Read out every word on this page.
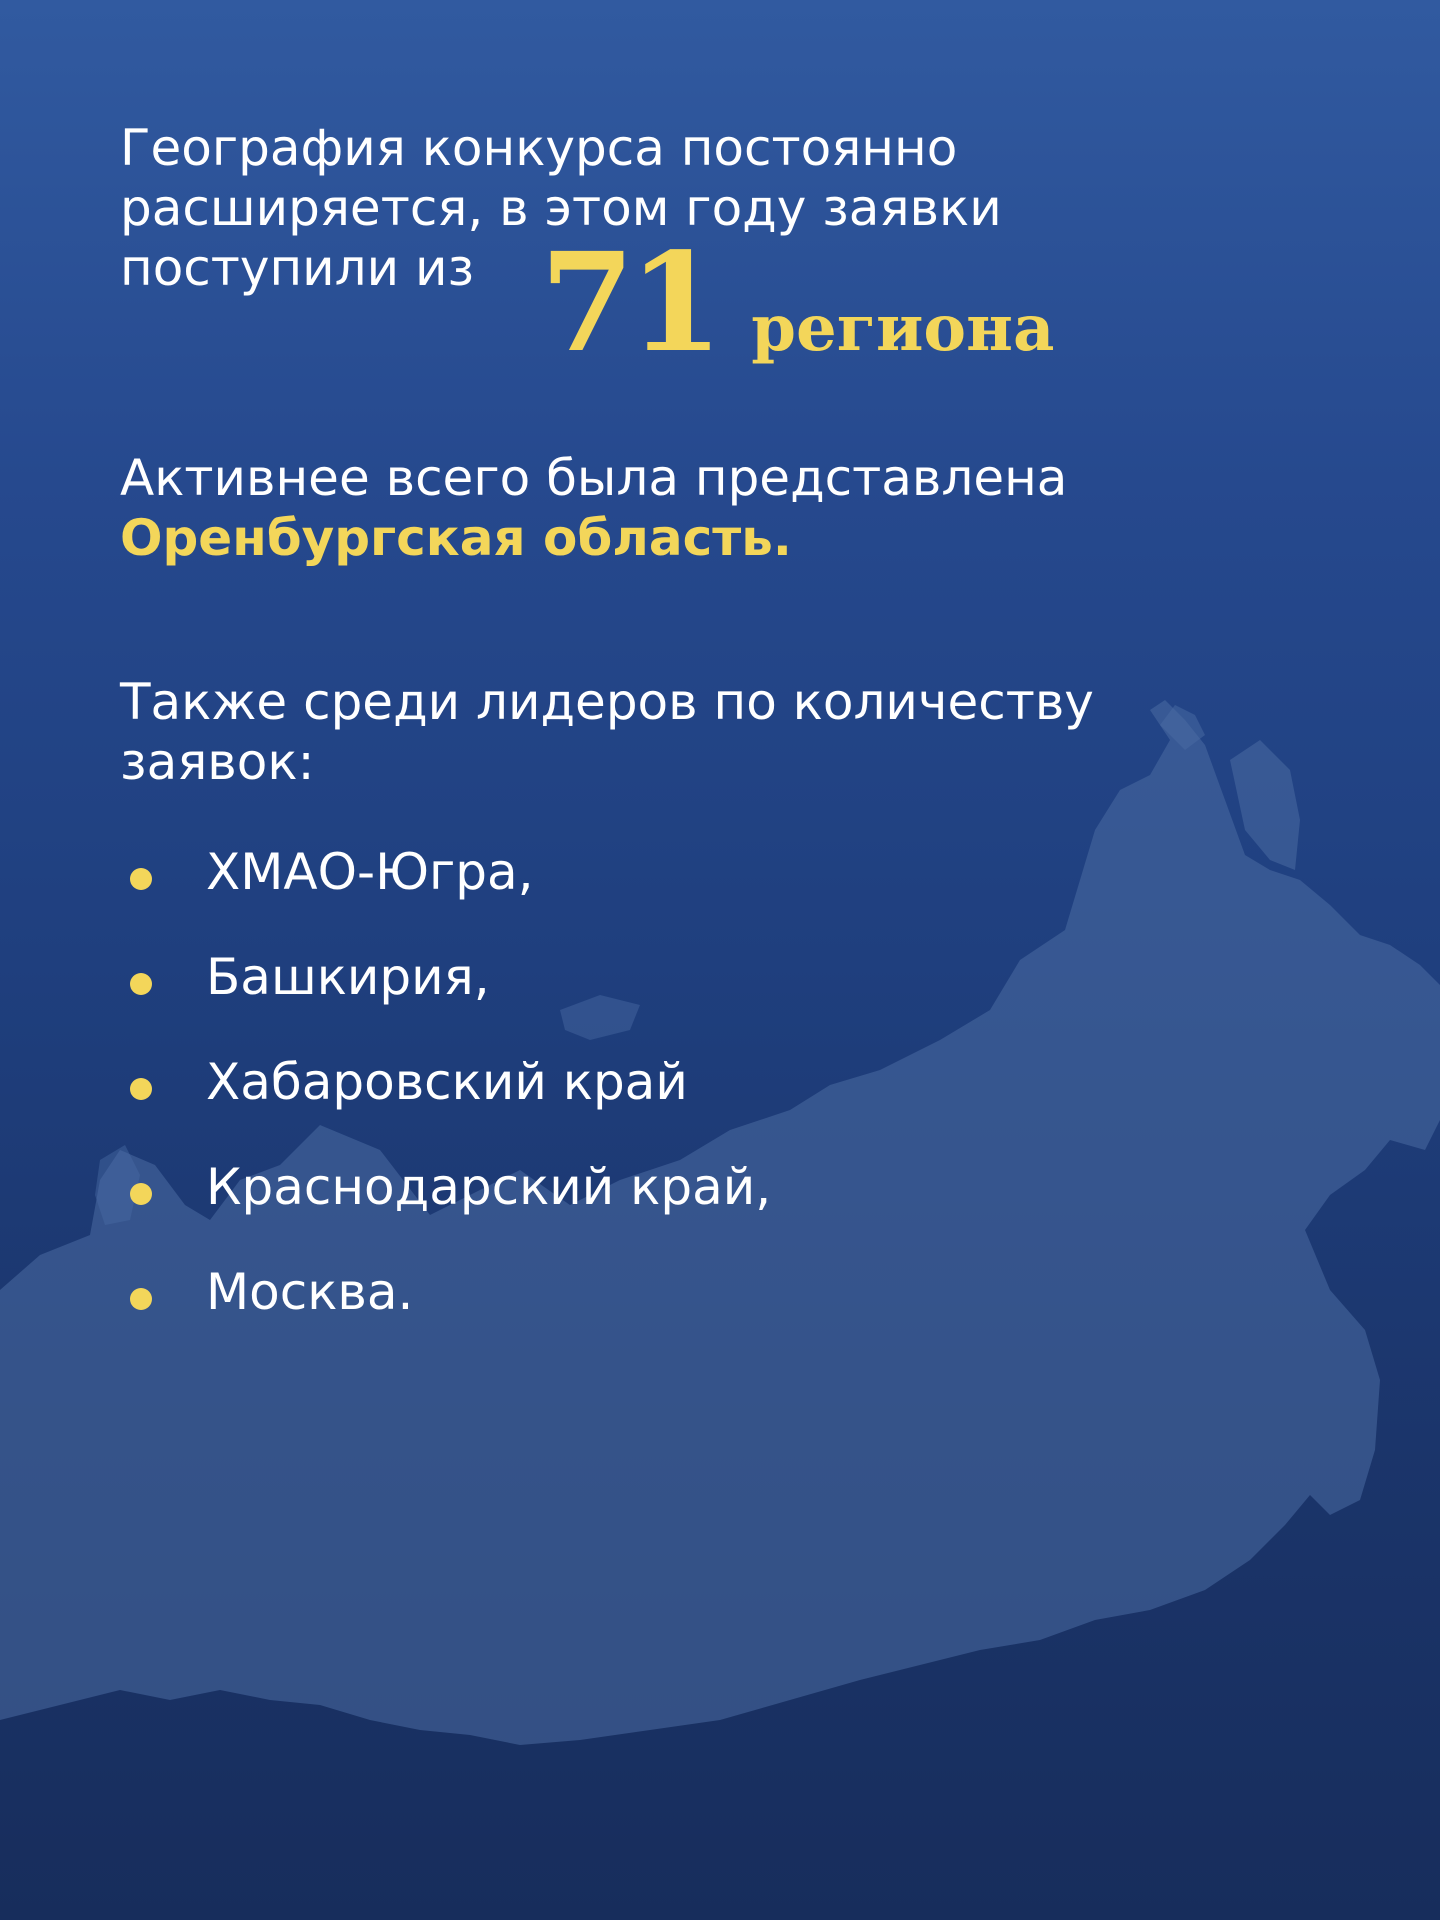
География конкурса постоянно
расширяется, в этом году заявки
поступили из 71 региона
Активнее всего была представлена
Оренбургская область.
Также среди лидеров по количеству
заявок:
ХМАО-Югра,
Башкирия,
Хабаровский край
Краснодарский край,
Москва.
